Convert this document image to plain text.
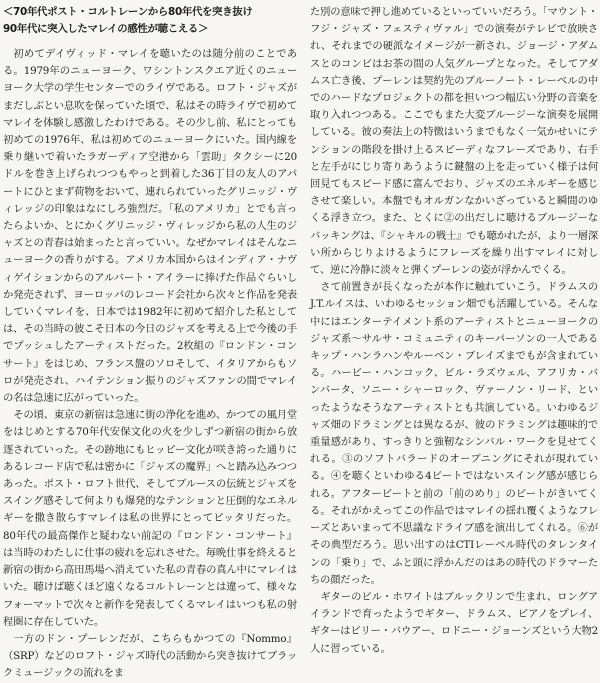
＜70年代ポスト・コルトレーンから80年代を突き抜け
90年代に突入したマレイの感性が聴こえる＞

初めてデイヴィッド・マレイを聴いたのは随分前のことである。1979年のニューヨーク、ワシントンスクエア近くのニューヨーク大学の学生センターでのライヴである。ロフト・ジャズがまだしぶとい息吹を保っていた頃で、私はその時ライヴで初めてマレイを体験し感激したわけである。その少し前、私にとっても初めての1976年、私は初めてのニューヨークにいた。国内線を乗り継いで着いたラガーディア空港から「雲助」タクシーに20ドルを巻き上げられつつもやっと到着した36丁目の友人のアパートにひとまず荷物をおいて、連れられていったグリニッジ・ヴィレッジの印象はなにしろ強烈だ。「私のアメリカ」とでも言ったらよいか、とにかくグリニッジ・ヴィレッジから私の人生のジャズとの青春は始まったと言っていい。なぜかマレイはそんなニューヨークの香りがする。アメリカ本国からはインディア・ナヴィゲイションからのアルバート・アイラーに捧げた作品ぐらいしか発売されず、ヨーロッパのレコード会社から次々と作品を発表していくマレイを、日本では1982年に初めて紹介した私としては、その当時の彼こそ日本の今日のジャズを考える上で今後の手でプッシュしたアーティストだった。2枚組の『ロンドン・コンサート』をはじめ、フランス盤のソロそして、イタリアからもソロが発売され、ハイテンション振りのジャズファンの間でマレイの名は急速に広がっていった。

その頃、東京の新宿は急速に街の浄化を進め、かつての風月堂をはじめとする70年代安保文化の火を少しずつ新宿の街から放逐されていった。その跡地にもヒッピー文化が咲き誇った通りにあるレコード店で私は密かに「ジャズの魔界」へと踏み込みつつあった。ポスト・ロフト世代、そしてブルースの伝統とジャズをスイング感そして何よりも爆発的なテンションと圧倒的なエネルギーを撒き散らすマレイは私の世界にとってピッタリだった。80年代の最高傑作と疑わない前記の『ロンドン・コンサート』は当時のわたしに仕事の疲れを忘れさせた。毎晩仕事を終えると新宿の街から高田馬場へ消えていた私の青春の真ん中にマレイはいた。聴けば聴くほど遠くなるコルトレーンとは違って、様々なフォーマットで次々と新作を発表してくるマレイはいつも私の射程圏に存在していた。

一方のドン・プーレンだが、こちらもかつての『Nommo』（SRP）などのロフト・ジャズ時代の活動から突き抜けてブラックミュージックの流れをま

た別の意味で押し進めているといっていいだろう。「マウント・フジ・ジャズ・フェスティヴァル」での演奏がテレビで放映され、それまでの硬派なイメージが一新され、ジョージ・アダムスとのコンビはお茶の間の人気グループとなった。そしてアダムス亡き後、プーレンは契約先のブルーノート・レーベルの中でのハードなプロジェクトの都を担いつつ幅広い分野の音楽を取り入れつつある。ここでもまた大変ブルージーな演奏を展開している。彼の奏法上の特徴はいうまでもなく一気かせいにテンションの階段を掛け上るスピーディなフレーズであり、右手と左手がにじり寄りあうように鍵盤の上を走っていく様子は何回見てもスピード感に富んでおり、ジャズのエネルギーを感じさせて楽しい。本盤でもオルガンなかいざっていると瞬間のゆくる浮き立つ。また、とくに②の出だしに聴けるブルージーなバッキングは、『シャキルの戦士』でも聴かれたが、より一層深い所からじりよけるようにフレーズを繰り出すマレイに対して、逆に冷静に淡々と弾くプーレンの姿が浮かんでくる。

さて前置きが長くなったが本作に触れていこう。ドラムスのJ.T.ルイスは、いわゆるセッション畑でも活躍している。そんな中にはエンターテイメント系のアーティストとニューヨークのジャズ系～サルサ・コミュニティのキーパーソンの一人であるキップ・ハンラハンやルーベン・ブレイズまでもが含まれている。ハービー・ハンコック、ビル・ラズウェル、アフリカ・バンバータ、ソニー・シャーロック、ヴァーノン・リード、といったようなそうなアーティストとも共演している。いわゆるジャズ畑のドラミングとは異なるが、彼のドラミングは趣味的で重量感があり、すっきりと強靭なシンバル・ワークを見せてくれる。③のソフトバラードのオーブニングにそれが現れている。④を聴くといわゆる4ビートではないスイング感が感じられる。アフタービートと前の「前のめり」のビートがきいてくる。それがかえってこの作品ではマレイの揺れ覆くようなフレーズとあいまって不思議なドライブ感を演出してくれる。⑥がその典型だろう。思い出すのはCTIレーベル時代のタレンタインの「乗り」で、ふと頭に浮かんだのはあの時代のドラマーたちの顔だった。

ギターのビル・ホワイトはブルックリンで生まれ、ロングアイランドで育ったようでギター、ドラムス、ピアノをプレイ、ギターはビリー・バウアー、ロドニー・ジョーンズという大物2人に習っている。
